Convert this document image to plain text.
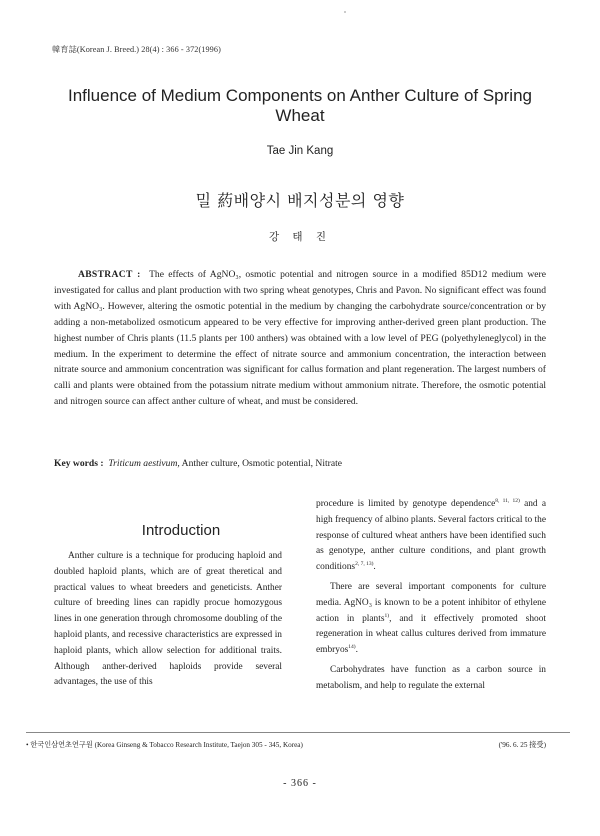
韓育誌(Korean J. Breed.) 28(4) : 366 - 372(1996)
Influence of Medium Components on Anther Culture of Spring Wheat
Tae Jin Kang
밀 葯배양시 배지성분의 영향
강 태 진
ABSTRACT : The effects of AgNO₃, osmotic potential and nitrogen source in a modified 85D12 medium were investigated for callus and plant production with two spring wheat genotypes, Chris and Pavon. No significant effect was found with AgNO₃. However, altering the osmotic potential in the medium by changing the carbohydrate source/concentration or by adding a non-metabolized osmoticum appeared to be very effective for improving anther-derived green plant production. The highest number of Chris plants (11.5 plants per 100 anthers) was obtained with a low level of PEG (polyethyleneglycol) in the medium. In the experiment to determine the effect of nitrate source and ammonium concentration, the interaction between nitrate source and ammonium concentration was significant for callus formation and plant regeneration. The largest numbers of calli and plants were obtained from the potassium nitrate medium without ammonium nitrate. Therefore, the osmotic potential and nitrogen source can affect anther culture of wheat, and must be considered.
Key words : Triticum aestivum, Anther culture, Osmotic potential, Nitrate
Introduction

Anther culture is a technique for producing haploid and doubled haploid plants, which are of great theretical and practical values to wheat breeders and geneticists. Anther culture of breeding lines can rapidly procue homozygous lines in one generation through chromosome doubling of the haploid plants, and recessive characteristics are expressed in haploid plants, which allow selection for additional traits. Although anther-derived haploids provide several advantages, the use of this

procedure is limited by genotype dependence$^{8, 11, 12)}$ and a high frequency of albino plants. Several factors critical to the response of cultured wheat anthers have been identified such as genotype, anther culture conditions, and plant growth conditions$^{2, 7, 13)}$.

There are several important components for culture media. AgNO₃ is known to be a potent inhibitor of ethylene action in plants$^{1)}$, and it effectively promoted shoot regeneration in wheat callus cultures derived from immature embryos$^{14)}$.

Carbohydrates have function as a carbon source in metabolism, and help to regulate the external

• 한국인삼연초연구원 (Korea Ginseng & Tobacco Research Institute, Taejon 305 - 345, Korea)	('96. 6. 25 接受)
- 366 -
